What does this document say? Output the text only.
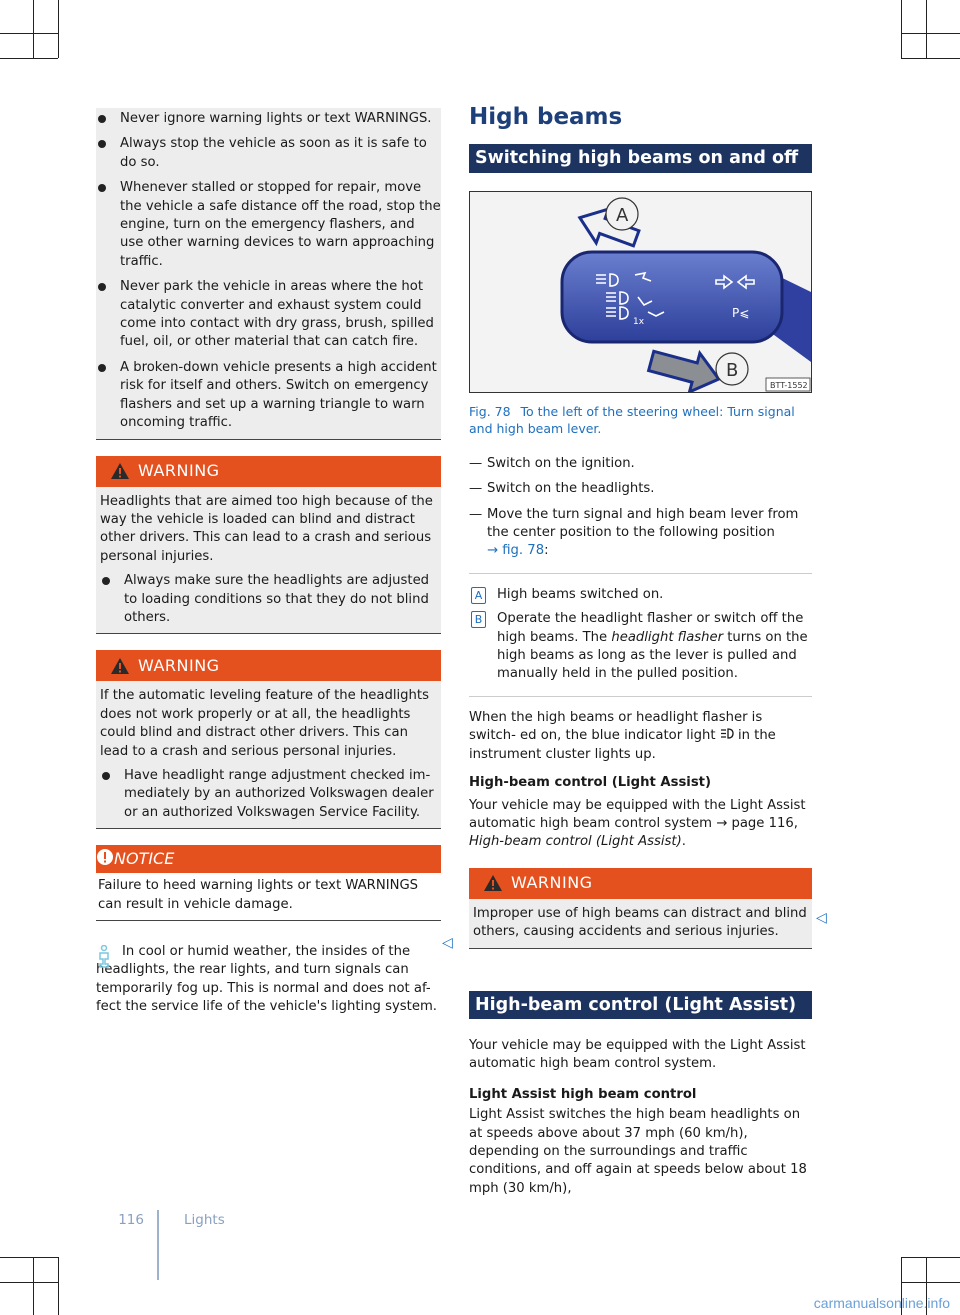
Never ignore warning lights or text WARNINGS.
Always stop the vehicle as soon as it is safe to do so.
Whenever stalled or stopped for repair, move the vehicle a safe distance off the road, stop the engine, turn on the emergency flashers, and use other warning devices to warn approaching traffic.
Never park the vehicle in areas where the hot catalytic converter and exhaust system could come into contact with dry grass, brush, spilled fuel, oil, or other material that can catch fire.
A broken-down vehicle presents a high accident risk for itself and others. Switch on emergency flashers and set up a warning triangle to warn oncoming traffic.
WARNING

Headlights that are aimed too high because of the way the vehicle is loaded can blind and distract other drivers. This can lead to a crash and serious personal injuries.

Always make sure the headlights are adjusted to loading conditions so that they do not blind others.
WARNING

If the automatic leveling feature of the headlights does not work properly or at all, the headlights could blind and distract other drivers. This can lead to a crash and serious personal injuries.

Have headlight range adjustment checked im- mediately by an authorized Volkswagen dealer or an authorized Volkswagen Service Facility.
NOTICE
Failure to heed warning lights or text WARNINGS can result in vehicle damage.
In cool or humid weather, the insides of the headlights, the rear lights, and turn signals can temporarily fog up. This is normal and does not af- fect the service life of the vehicle's lighting system.
◁
High beams
Switching high beams on and off
1x
P⩽
A
B
BTT-1552
Fig. 78 To the left of the steering wheel: Turn signal and high beam lever.
— Switch on the ignition.
— Switch on the headlights.
— Move the turn signal and high beam lever from the center position to the following position
→ fig. 78:
A High beams switched on.
B Operate the headlight flasher or switch off the high beams. The headlight flasher turns on the high beams as long as the lever is pulled and manually held in the pulled position.

When the high beams or headlight flasher is switch- ed on, the blue indicator light  in the instrument cluster lights up.

High-beam control (Light Assist)

Your vehicle may be equipped with the Light Assist automatic high beam control system → page 116,
High-beam control (Light Assist).

WARNING
Improper use of high beams can distract and blind others, causing accidents and serious injuries.
High-beam control (Light Assist)

Your vehicle may be equipped with the Light Assist automatic high beam control system.

Light Assist high beam control

Light Assist switches the high beam headlights on at speeds above about 37 mph (60 km/h), depending on the surroundings and traffic conditions, and off again at speeds below about 18 mph (30 km/h),

◁
116	Lights
carmanualsonline.info
